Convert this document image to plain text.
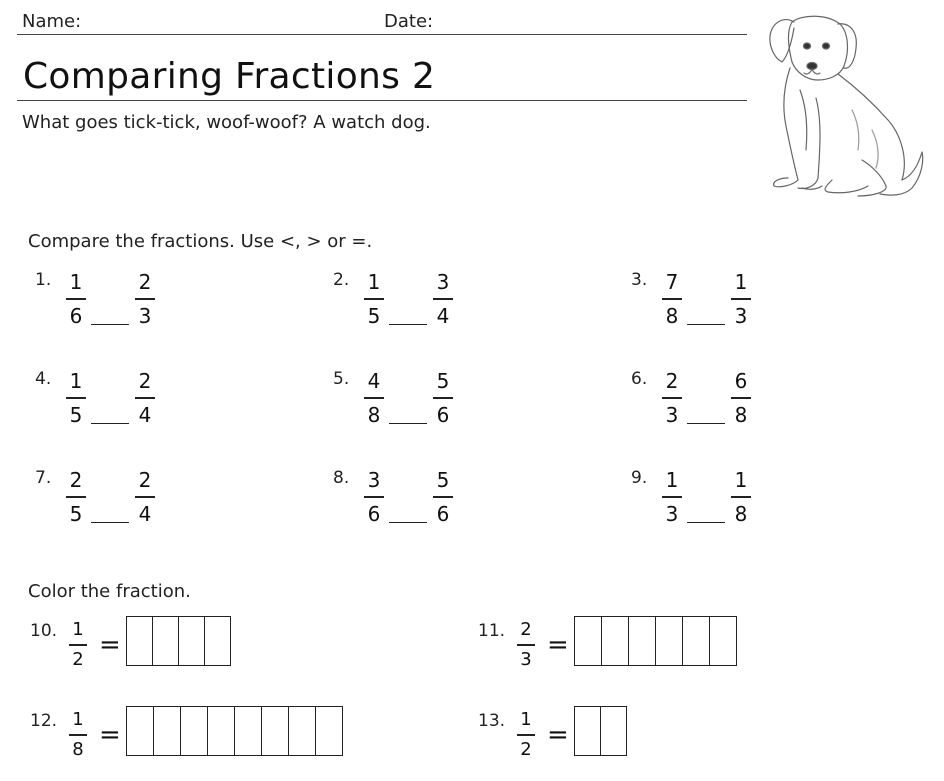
Name:	Date:
Comparing Fractions 2
What goes tick-tick, woof-woof? A watch dog.
Compare the fractions. Use <, > or =.
1. 1
6
2
3
2. 1
5
3
4
3. 7
8
1
3
4. 1
5
2
4
5. 4
8
5
6
6. 2
3
6
8
7. 2
5
2
4
8. 3
6
5
6
9. 1
3
1
8
Color the fraction.
10. 1
2 =	11. 2
3 =
12. 1
8 =	13. 1
2 =
